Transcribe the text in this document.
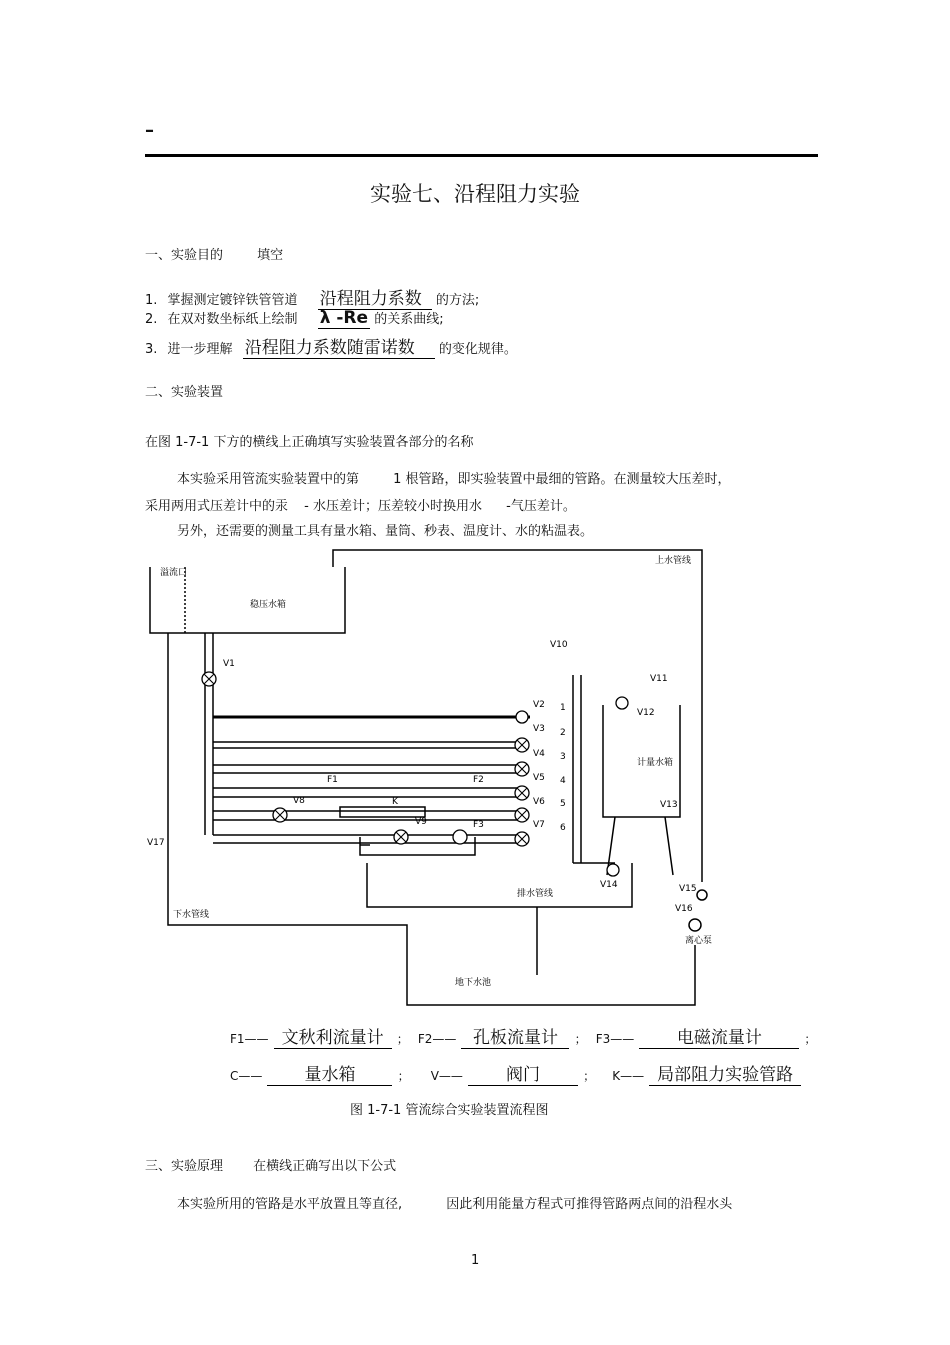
–
实验七、沿程阻力实验
一、实验目的	填空
1. 掌握测定镀锌铁管管道 沿程阻力系数 的方法;
2. 在双对数坐标纸上绘制 λ -Re 的关系曲线;
3. 进一步理解 沿程阻力系数随雷诺数 的变化规律。
二、实验装置
在图 1-7-1 下方的横线上正确填写实验装置各部分的名称
本实验采用管流实验装置中的第	1 根管路，即实验装置中最细的管路。在测量较大压差时，
采用两用式压差计中的汞 - 水压差计；压差较小时换用水 -气压差计。
另外，还需要的测量工具有量水箱、量筒、秒表、温度计、水的粘温表。
溢流口
稳压水箱
上水管线
计量水箱
排水管线
下水管线
地下水池
离心泵
V1
V2
V3
V4
V5
V6
V7
V8
V9
V10
V11
V12
V13
V14	V15
V16
V17
F1	F2
F3
K
1
2
3
4
5
6
F1—— 文秋利流量计 ； F2—— 孔板流量计 ； F3——	电磁流量计	；
C—— 量水箱	； V——	阀门	； K—— 局部阻力实验管路
图 1-7-1 管流综合实验装置流程图
三、实验原理 在横线正确写出以下公式
本实验所用的管路是水平放置且等直径,	因此利用能量方程式可推得管路两点间的沿程水头
1
